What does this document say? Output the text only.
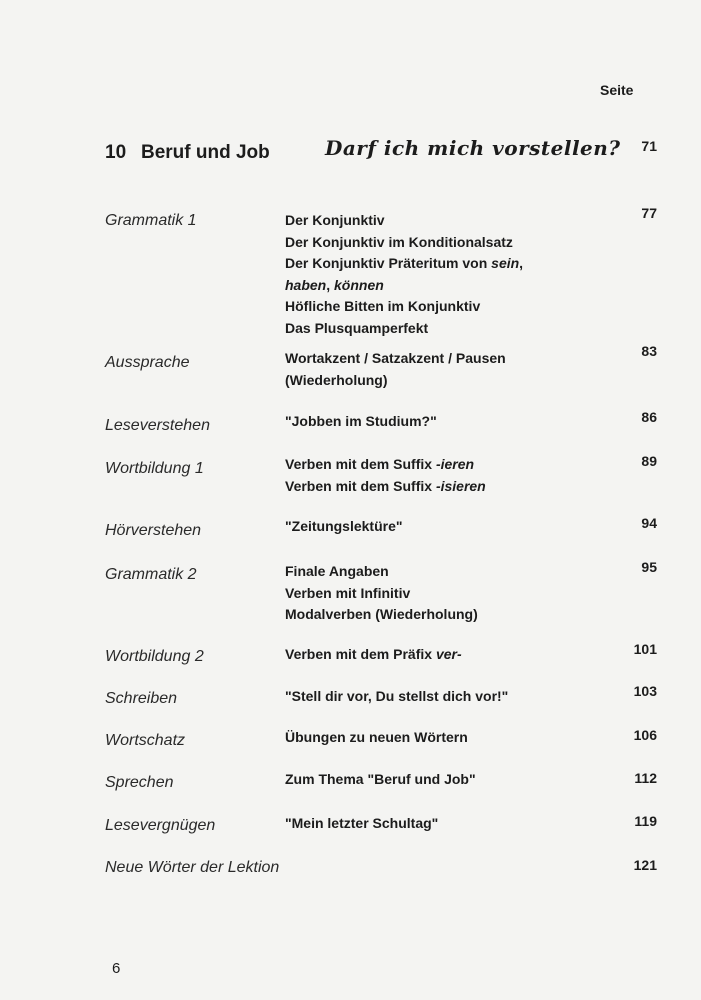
Seite
10 Beruf und Job	Darf ich mich vorstellen?	71
Grammatik 1	Der Konjunktiv
Der Konjunktiv im Konditionalsatz
Der Konjunktiv Präteritum von sein,
haben, können
Höfliche Bitten im Konjunktiv
Das Plusquamperfekt
77
Aussprache	Wortakzent / Satzakzent / Pausen
(Wiederholung)
83
Leseverstehen	"Jobben im Studium?"	86
Wortbildung 1	Verben mit dem Suffix -ieren
Verben mit dem Suffix -isieren
89
Hörverstehen	"Zeitungslektüre"	94
Grammatik 2	Finale Angaben
Verben mit Infinitiv
Modalverben (Wiederholung)
95
Wortbildung 2	Verben mit dem Präfix ver-	101
Schreiben	"Stell dir vor, Du stellst dich vor!"	103
Wortschatz	Übungen zu neuen Wörtern	106
Sprechen	Zum Thema "Beruf und Job"	112
Lesevergnügen	"Mein letzter Schultag"	119
Neue Wörter der Lektion	121
6
